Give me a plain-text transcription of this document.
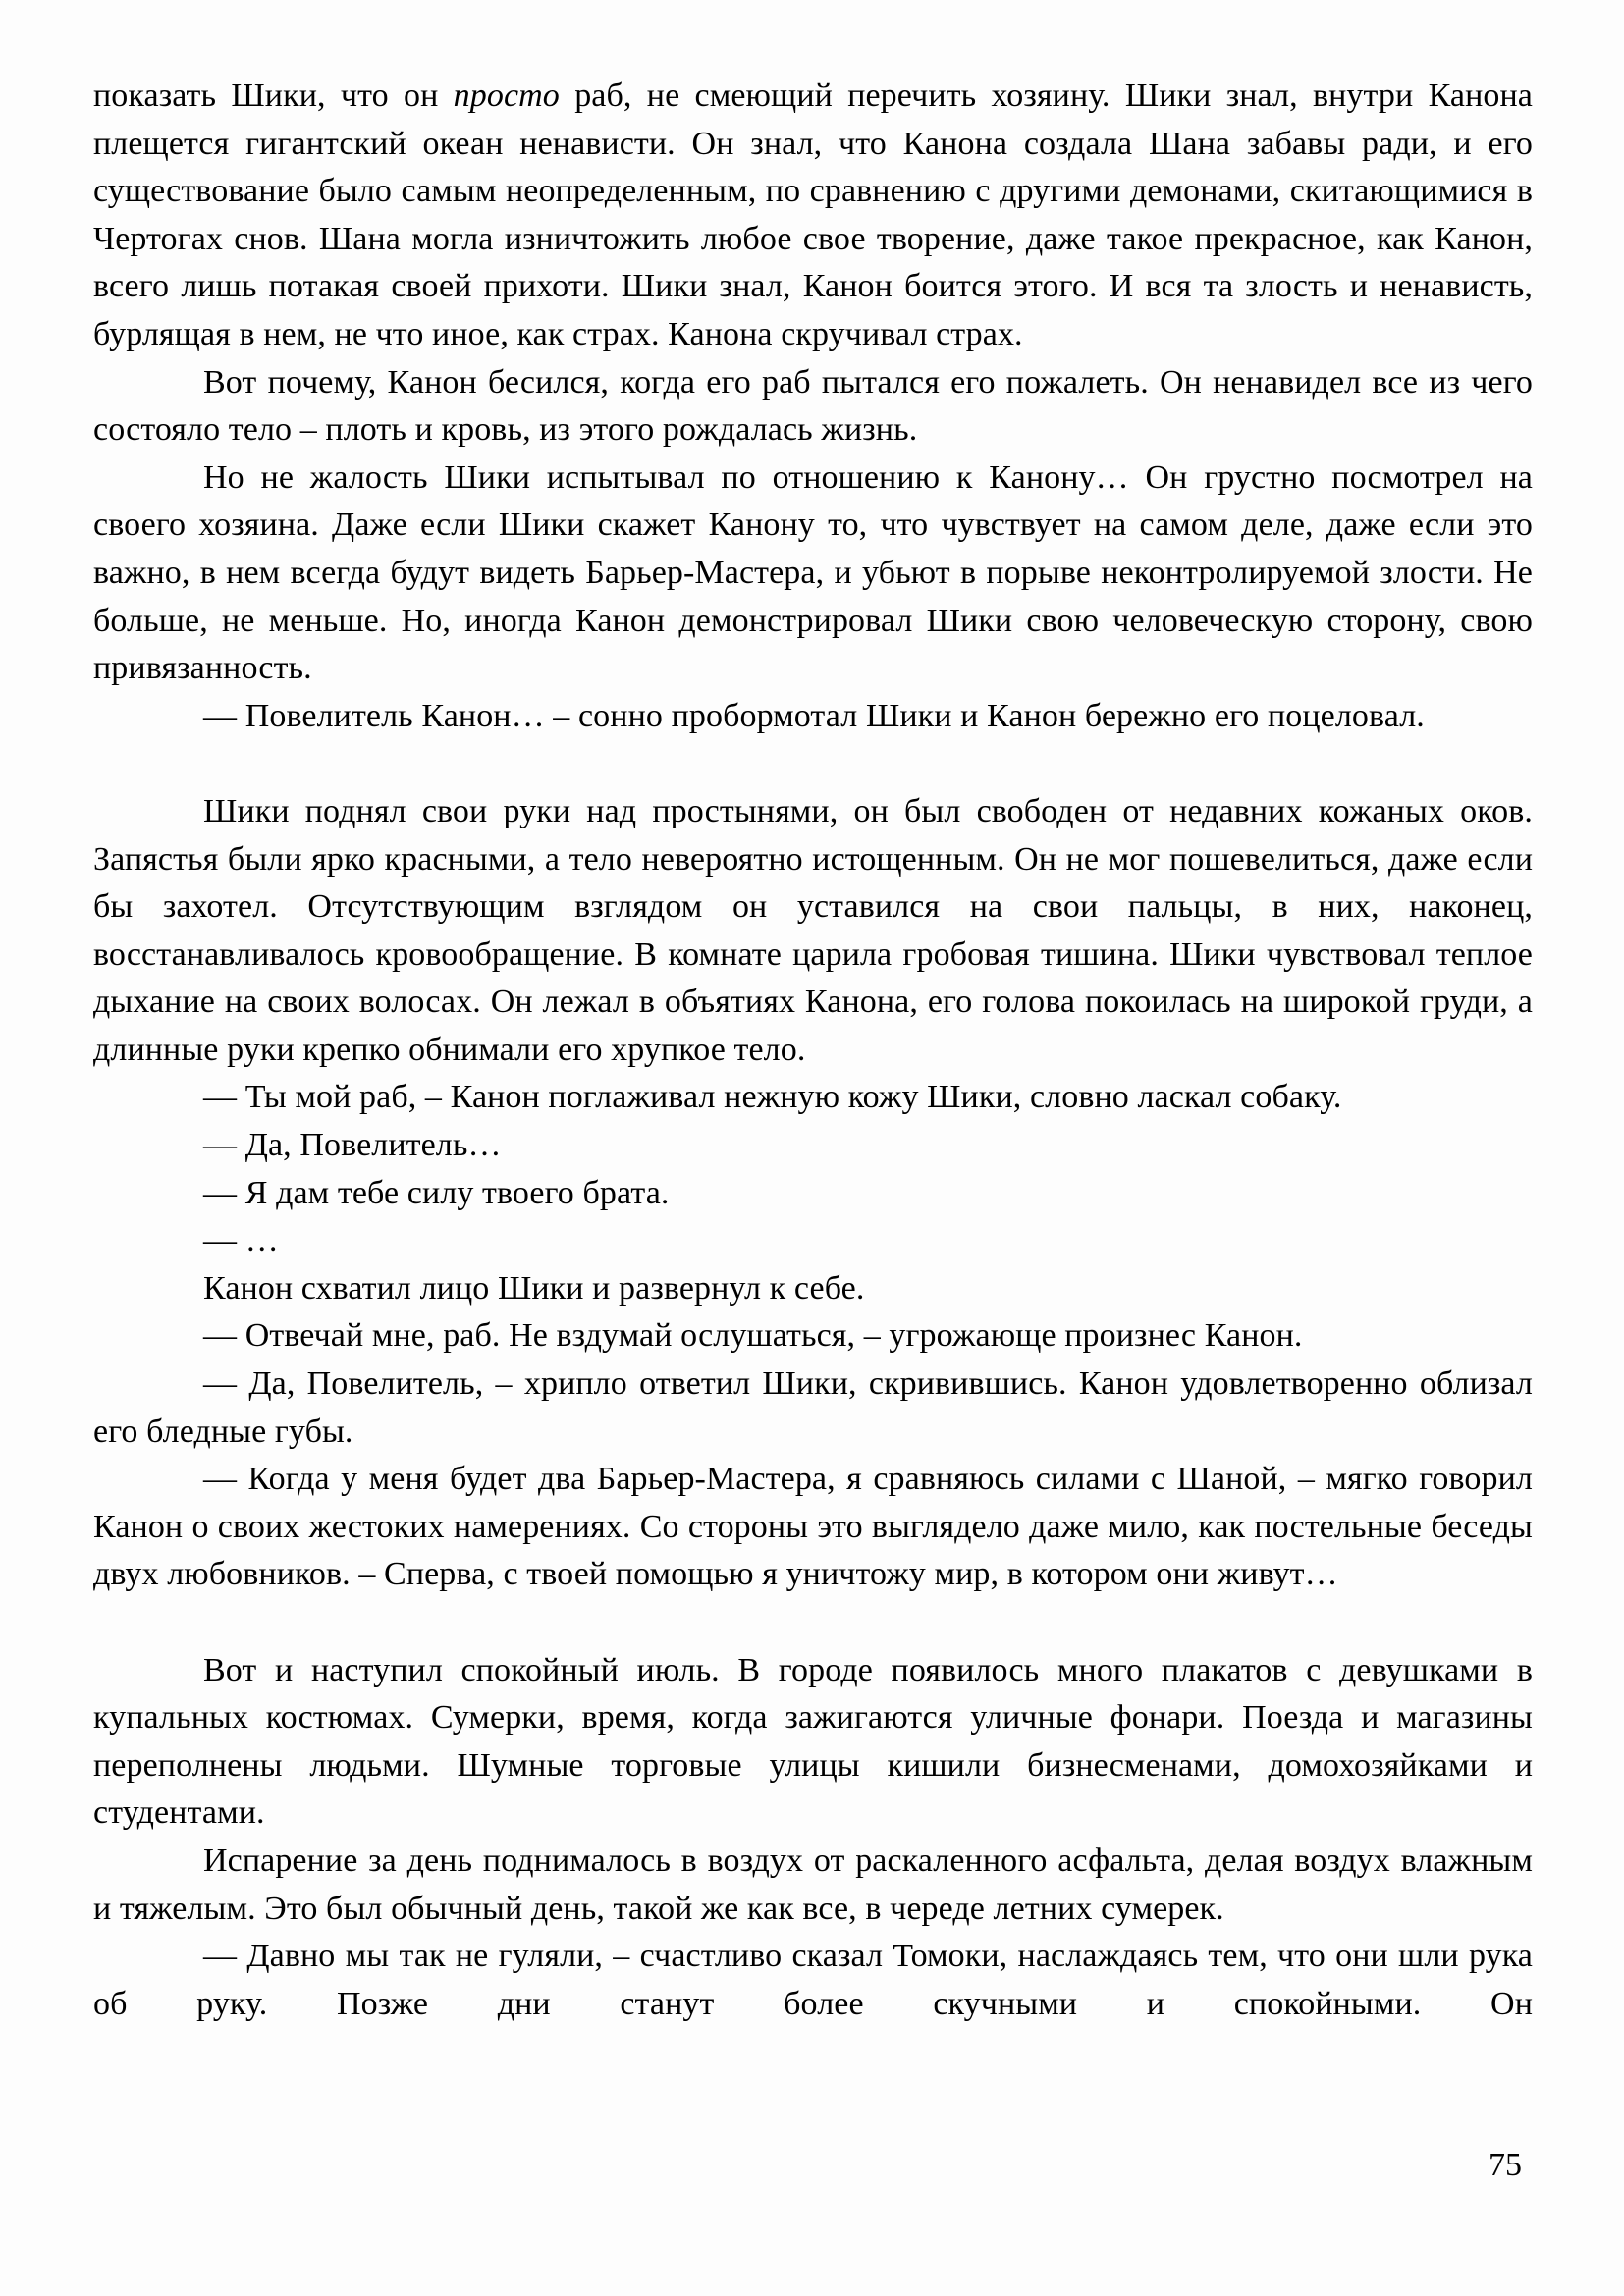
показать Шики, что он просто раб, не смеющий перечить хозяину. Шики знал, внутри Канона плещется гигантский океан ненависти. Он знал, что Канона создала Шана забавы ради, и его существование было самым неопределенным, по сравнению с другими демонами, скитающимися в Чертогах снов. Шана могла изничтожить любое свое творение, даже такое прекрасное, как Канон, всего лишь потакая своей прихоти. Шики знал, Канон боится этого. И вся та злость и ненависть, бурлящая в нем, не что иное, как страх. Канона скручивал страх.

Вот почему, Канон бесился, когда его раб пытался его пожалеть. Он ненавидел все из чего состояло тело – плоть и кровь, из этого рождалась жизнь.

Но не жалость Шики испытывал по отношению к Канону… Он грустно посмотрел на своего хозяина. Даже если Шики скажет Канону то, что чувствует на самом деле, даже если это важно, в нем всегда будут видеть Барьер-Мастера, и убьют в порыве неконтролируемой злости. Не больше, не меньше. Но, иногда Канон демонстрировал Шики свою человеческую сторону, свою привязанность.

— Повелитель Канон… – сонно пробормотал Шики и Канон бережно его поцеловал.

Шики поднял свои руки над простынями, он был свободен от недавних кожаных оков. Запястья были ярко красными, а тело невероятно истощенным. Он не мог пошевелиться, даже если бы захотел. Отсутствующим взглядом он уставился на свои пальцы, в них, наконец, восстанавливалось кровообращение. В комнате царила гробовая тишина. Шики чувствовал теплое дыхание на своих волосах. Он лежал в объятиях Канона, его голова покоилась на широкой груди, а длинные руки крепко обнимали его хрупкое тело.

— Ты мой раб, – Канон поглаживал нежную кожу Шики, словно ласкал собаку.

— Да, Повелитель…

— Я дам тебе силу твоего брата.

— …

Канон схватил лицо Шики и развернул к себе.

— Отвечай мне, раб. Не вздумай ослушаться, – угрожающе произнес Канон.

— Да, Повелитель, – хрипло ответил Шики, скривившись. Канон удовлетворенно облизал его бледные губы.

— Когда у меня будет два Барьер-Мастера, я сравняюсь силами с Шаной, – мягко говорил Канон о своих жестоких намерениях. Со стороны это выглядело даже мило, как постельные беседы двух любовников. – Сперва, с твоей помощью я уничтожу мир, в котором они живут…

Вот и наступил спокойный июль. В городе появилось много плакатов с девушками в купальных костюмах. Сумерки, время, когда зажигаются уличные фонари. Поезда и магазины переполнены людьми. Шумные торговые улицы кишили бизнесменами, домохозяйками и студентами.

Испарение за день поднималось в воздух от раскаленного асфальта, делая воздух влажным и тяжелым. Это был обычный день, такой же как все, в череде летних сумерек.

— Давно мы так не гуляли, – счастливо сказал Томоки, наслаждаясь тем, что они шли рука об руку. Позже дни станут более скучными и спокойными. Он

75
